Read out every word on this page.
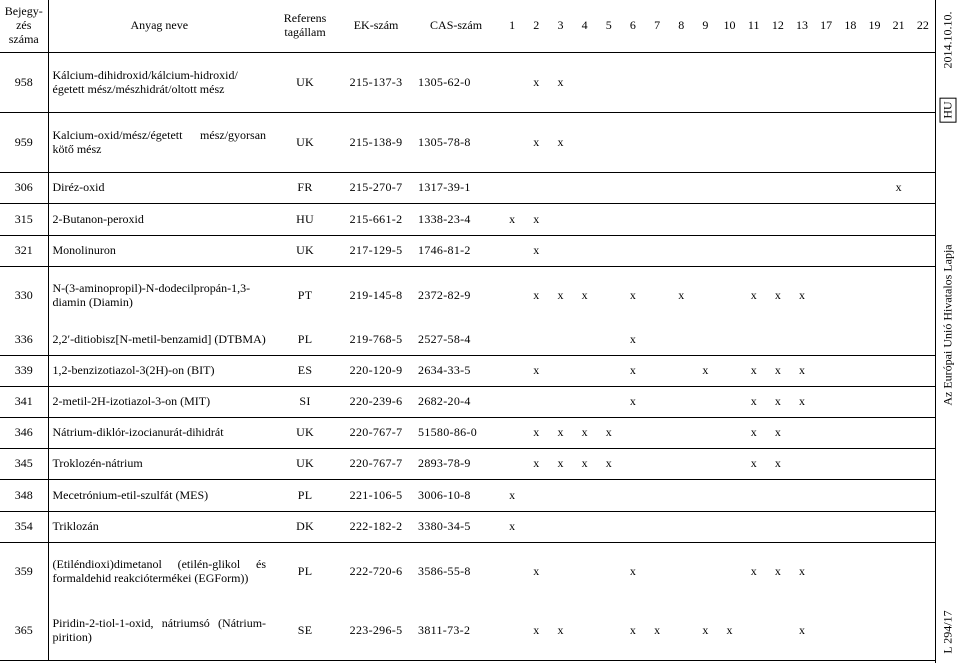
Bejegy-
zés
száma	Anyag neve	Referens
tagállam	EK-szám	CAS-szám	1	2	3	4	5	6	7	8	9	10	11	12	13	17	18	19	21	22
958	Kálcium-dihidroxid/kálcium-hidroxid/ égetett mész/mészhidrát/oltott mész	UK	215-137-3	1305-62-0		x	x															
959	Kalcium-oxid/mész/égetett mész/gyorsan kötő mész	UK	215-138-9	1305-78-8		x	x															
306	Diréz-oxid	FR	215-270-7	1317-39-1																	x	
315	2-Butanon-peroxid	HU	215-661-2	1338-23-4	x	x																
321	Monolinuron	UK	217-129-5	1746-81-2		x																
330	N-(3-aminopropil)-N-dodecilpropán-1,3-diamin (Diamin)	PT	219-145-8	2372-82-9		x	x	x		x		x			x	x	x					
336	2,2′-ditiobisz[N-metil-benzamid] (DTBMA)	PL	219-768-5	2527-58-4						x												
339	1,2-benzizotiazol-3(2H)-on (BIT)	ES	220-120-9	2634-33-5		x				x			x		x	x	x					
341	2-metil-2H-izotiazol-3-on (MIT)	SI	220-239-6	2682-20-4						x					x	x	x					
346	Nátrium-diklór-izocianurát-dihidrát	UK	220-767-7	51580-86-0		x	x	x	x						x	x						
345	Troklozén-nátrium	UK	220-767-7	2893-78-9		x	x	x	x						x	x						
348	Mecetrónium-etil-szulfát (MES)	PL	221-106-5	3006-10-8	x																	
354	Triklozán	DK	222-182-2	3380-34-5	x																	
359	(Etiléndioxi)dimetanol (etilén-glikol és formaldehid reakciótermékei (EGForm))	PL	222-720-6	3586-55-8		x				x					x	x	x					
365	Piridin-2-tiol-1-oxid, nátriumsó (Nátrium-pirition)	SE	223-296-5	3811-73-2		x	x			x	x		x	x			x					
2014.10.10.
HU
Az Európai Unió Hivatalos Lapja
L 294/17
